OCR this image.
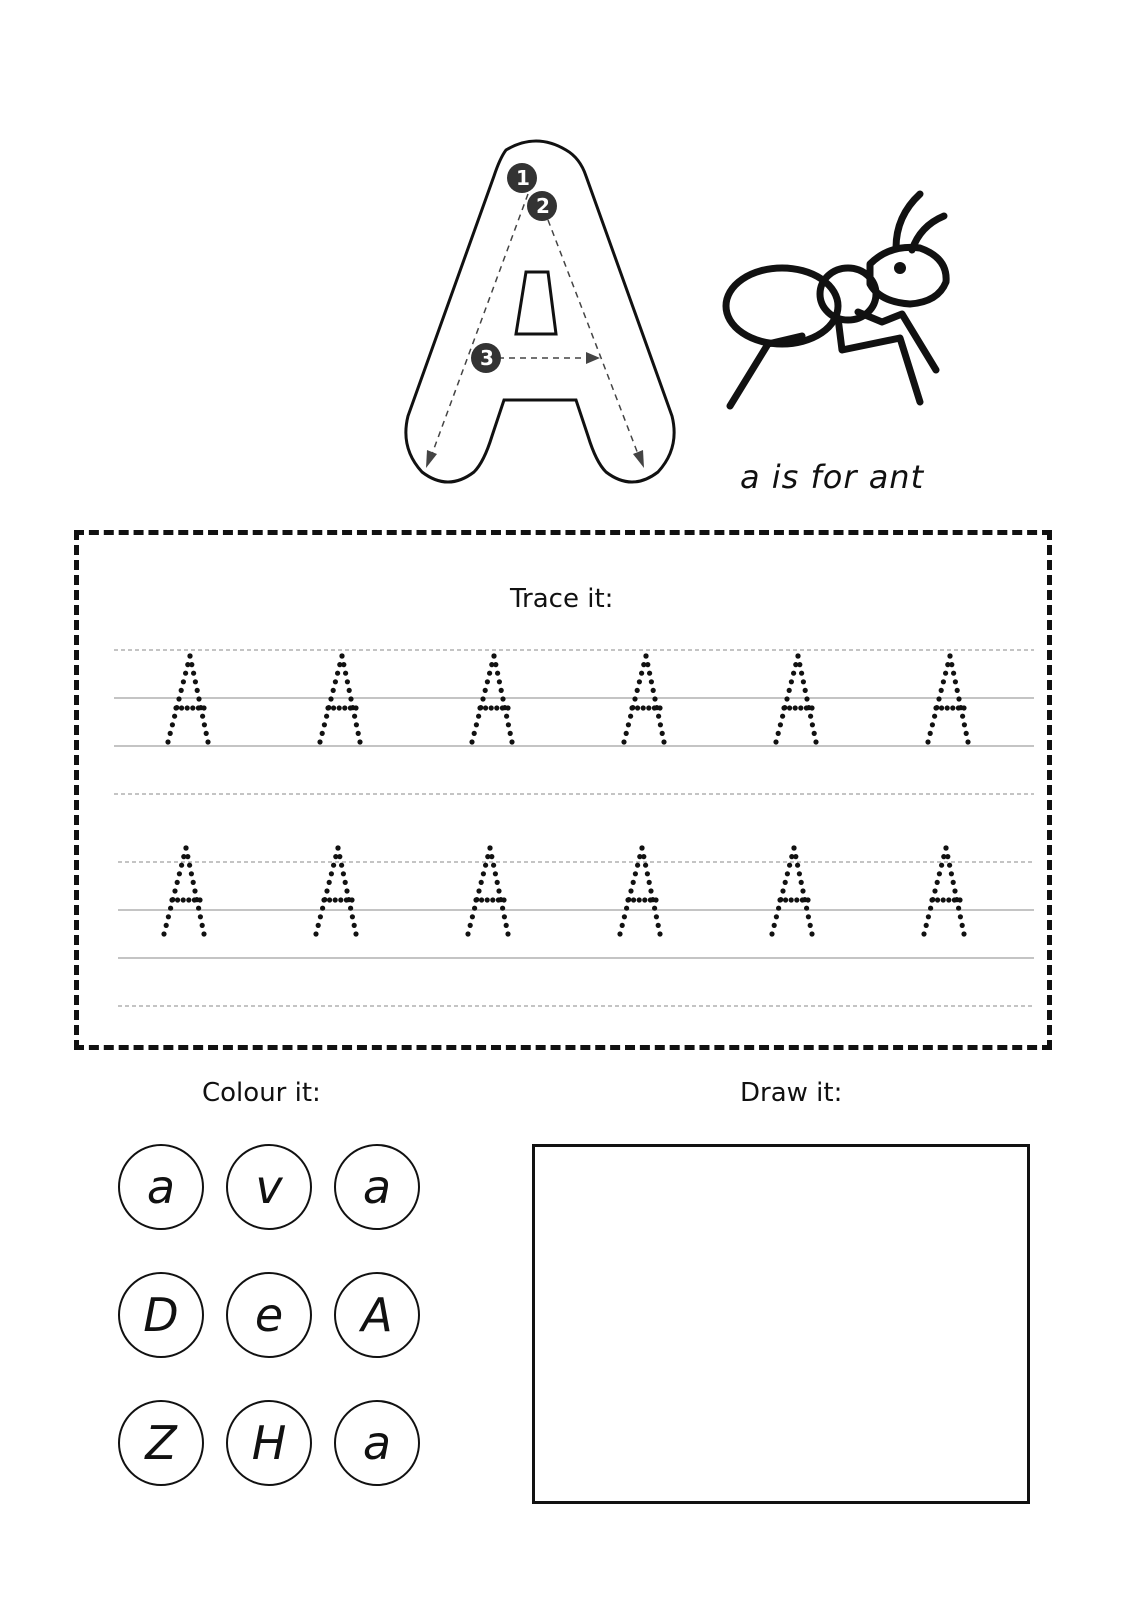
1
2
3
a is for ant
Trace it:
Colour it:
a v a
D e A
Z H a
Draw it:
